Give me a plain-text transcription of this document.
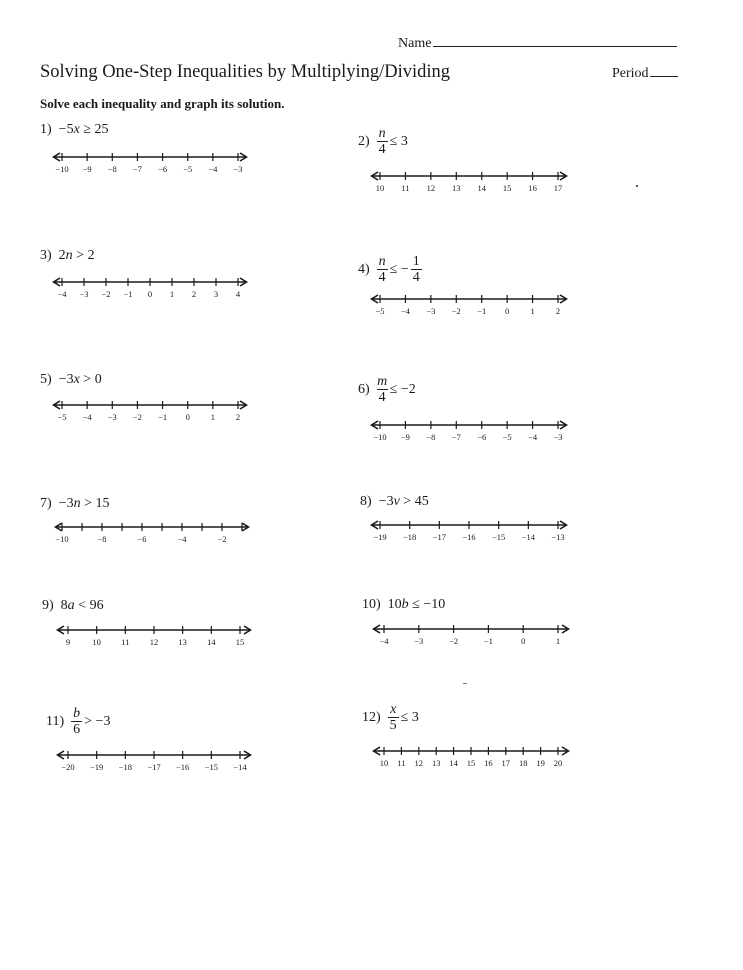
Name
Solving One-Step Inequalities by Multiplying/Dividing	Period
Solve each inequality and graph its solution.
1) −5x ≥ 25
−10 −9 −8 −7 −6 −5 −4 −3
$2) \frac{n}{4} \le 3$
10 11 12 13 14 15 16 17
3) 2n > 2
−4 −3 −2 −1 0 1 2 3 4
$4) \frac{n}{4}$ ≤ − $\frac{1}{4}$
−5 −4 −3 −2 −1 0 1 2
5) −3x > 0
−5 −4 −3 −2 −1 0 1 2
$6) \frac{m}{4} \le -2$
−10 −9 −8 −7 −6 −5 −4 −3
7) −3n > 15
−10	−8	−6	−4	−2
8) −3v > 45
−19 −18 −17 −16 −15 −14 −13
9) 8a < 96
9	10 11 12 13 14 15
10) 10b ≤ −10
−4	−3	−2	−1	0	1
$11) \frac{b}{6} > -3$
−20 −19 −18 −17 −16 −15 −14
$12) \frac{x}{5} \le 3$
10 11 12 13 14 15 16 17 18 19 20
